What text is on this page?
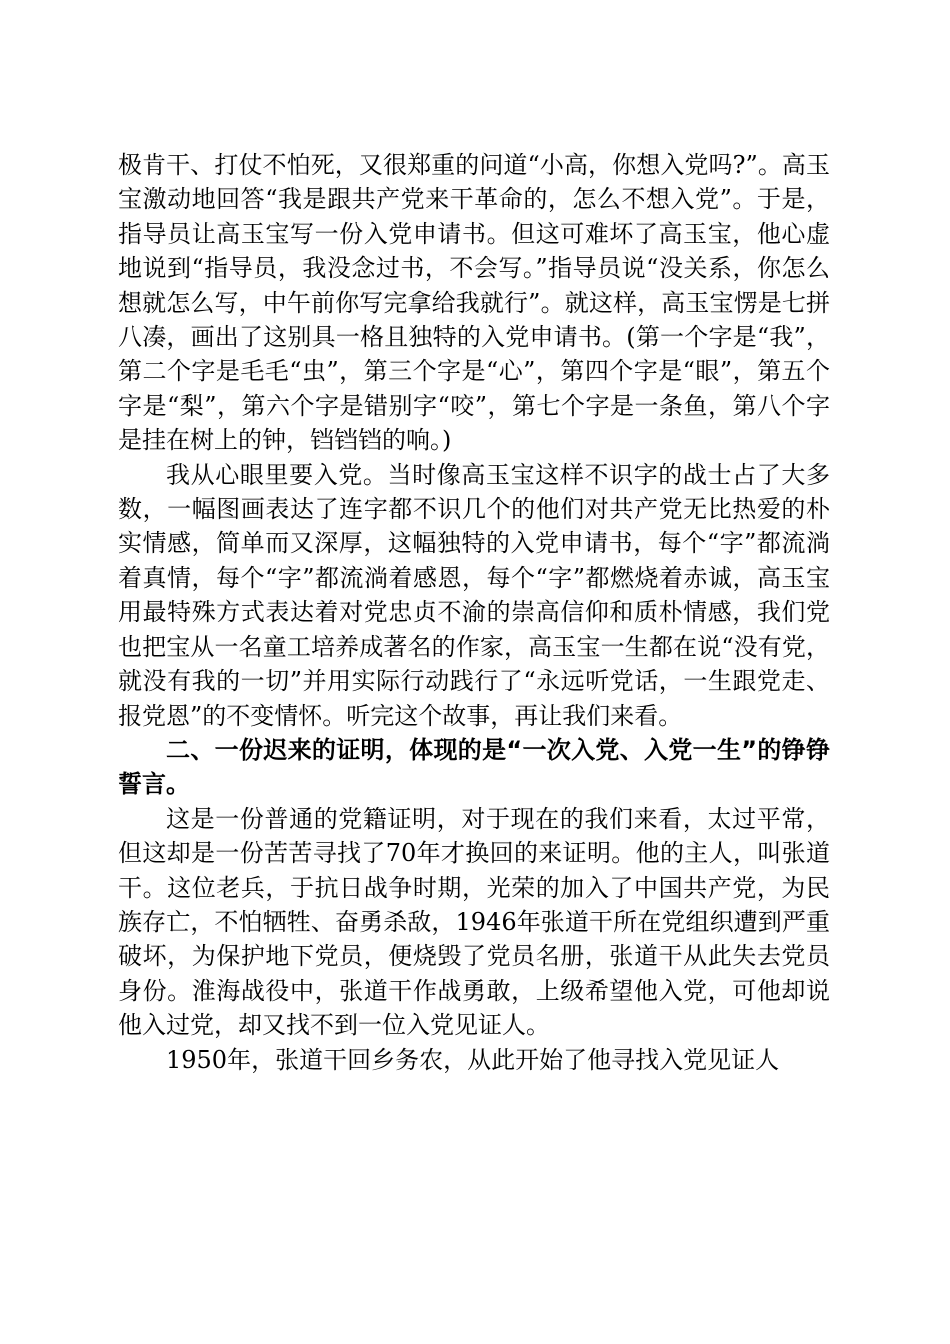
极肯干、打仗不怕死，又很郑重的问道“小高，你想入党吗?”。高玉宝激动地回答“我是跟共产党来干革命的，怎么不想入党”。于是，指导员让高玉宝写一份入党申请书。但这可难坏了高玉宝，他心虚地说到“指导员，我没念过书，不会写。”指导员说“没关系，你怎么想就怎么写，中午前你写完拿给我就行”。就这样，高玉宝愣是七拼八凑，画出了这别具一格且独特的入党申请书。(第一个字是“我”，第二个字是毛毛“虫”，第三个字是“心”，第四个字是“眼”，第五个字是“梨”，第六个字是错别字“咬”，第七个字是一条鱼，第八个字是挂在树上的钟，铛铛铛的响。)

我从心眼里要入党。当时像高玉宝这样不识字的战士占了大多数，一幅图画表达了连字都不识几个的他们对共产党无比热爱的朴实情感，简单而又深厚，这幅独特的入党申请书，每个“字”都流淌着真情，每个“字”都流淌着感恩，每个“字”都燃烧着赤诚，高玉宝用最特殊方式表达着对党忠贞不渝的崇高信仰和质朴情感，我们党也把宝从一名童工培养成著名的作家，高玉宝一生都在说“没有党，就没有我的一切”并用实际行动践行了“永远听党话，一生跟党走、报党恩”的不变情怀。听完这个故事，再让我们来看。

二、一份迟来的证明，体现的是“一次入党、入党一生”的铮铮誓言。

这是一份普通的党籍证明，对于现在的我们来看，太过平常，但这却是一份苦苦寻找了70年才换回的来证明。他的主人，叫张道干。这位老兵，于抗日战争时期，光荣的加入了中国共产党，为民族存亡，不怕牺牲、奋勇杀敌，1946年张道干所在党组织遭到严重破坏，为保护地下党员，便烧毁了党员名册，张道干从此失去党员身份。淮海战役中，张道干作战勇敢，上级希望他入党，可他却说他入过党，却又找不到一位入党见证人。

1950年，张道干回乡务农，从此开始了他寻找入党见证人
